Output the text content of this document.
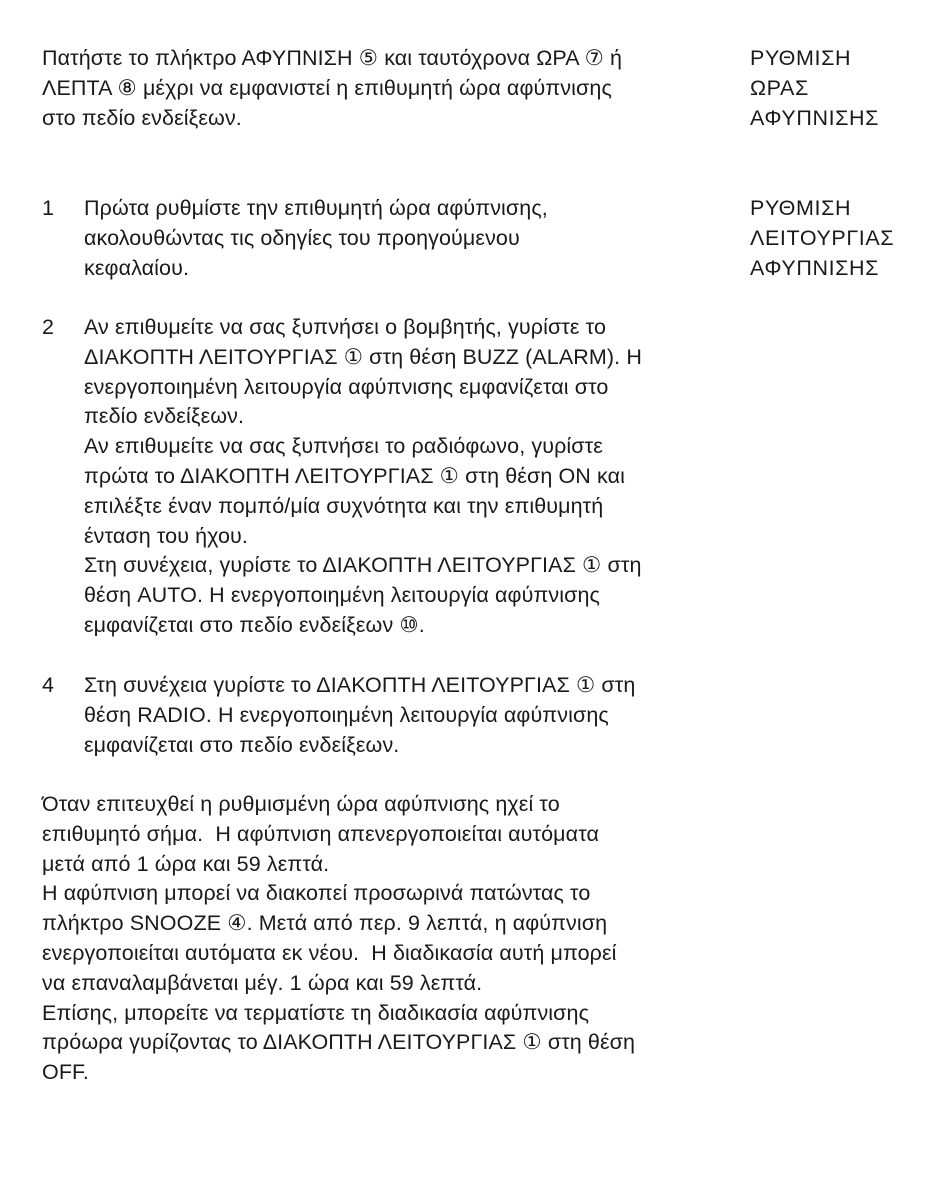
Πατήστε το πλήκτρο ΑΦΥΠΝΙΣΗ ⑤ και ταυτόχρονα ΩΡΑ ⑦ ή
ΛΕΠΤΑ ⑧ μέχρι να εμφανιστεί η επιθυμητή ώρα αφύπνισης
στο πεδίο ενδείξεων.
ΡΥΘΜΙΣΗ
ΩΡΑΣ
ΑΦΥΠΝΙΣΗΣ
1 Πρώτα ρυθμίστε την επιθυμητή ώρα αφύπνισης,
ακολουθώντας τις οδηγίες του προηγούμενου
κεφαλαίου.
ΡΥΘΜΙΣΗ
ΛΕΙΤΟΥΡΓΙΑΣ
ΑΦΥΠΝΙΣΗΣ
2 Αν επιθυμείτε να σας ξυπνήσει ο βομβητής, γυρίστε το
ΔΙΑΚΟΠΤΗ ΛΕΙΤΟΥΡΓΙΑΣ ① στη θέση BUZZ (ALARM). Η
ενεργοποιημένη λειτουργία αφύπνισης εμφανίζεται στο
πεδίο ενδείξεων.
Αν επιθυμείτε να σας ξυπνήσει το ραδιόφωνο, γυρίστε
πρώτα το ΔΙΑΚΟΠΤΗ ΛΕΙΤΟΥΡΓΙΑΣ ① στη θέση ON και
επιλέξτε έναν πομπό/μία συχνότητα και την επιθυμητή
ένταση του ήχου.
Στη συνέχεια, γυρίστε το ΔΙΑΚΟΠΤΗ ΛΕΙΤΟΥΡΓΙΑΣ ① στη
θέση AUTO. Η ενεργοποιημένη λειτουργία αφύπνισης
εμφανίζεται στο πεδίο ενδείξεων ⑩.
4 Στη συνέχεια γυρίστε το ΔΙΑΚΟΠΤΗ ΛΕΙΤΟΥΡΓΙΑΣ ① στη
θέση RADIO. Η ενεργοποιημένη λειτουργία αφύπνισης
εμφανίζεται στο πεδίο ενδείξεων.
Όταν επιτευχθεί η ρυθμισμένη ώρα αφύπνισης ηχεί το
επιθυμητό σήμα.  Η αφύπνιση απενεργοποιείται αυτόματα
μετά από 1 ώρα και 59 λεπτά.
Η αφύπνιση μπορεί να διακοπεί προσωρινά πατώντας το
πλήκτρο SNOOZE ④. Μετά από περ. 9 λεπτά, η αφύπνιση
ενεργοποιείται αυτόματα εκ νέου.  Η διαδικασία αυτή μπορεί
να επαναλαμβάνεται μέγ. 1 ώρα και 59 λεπτά.
Επίσης, μπορείτε να τερματίστε τη διαδικασία αφύπνισης
πρόωρα γυρίζοντας το ΔΙΑΚΟΠΤΗ ΛΕΙΤΟΥΡΓΙΑΣ ① στη θέση
OFF.
